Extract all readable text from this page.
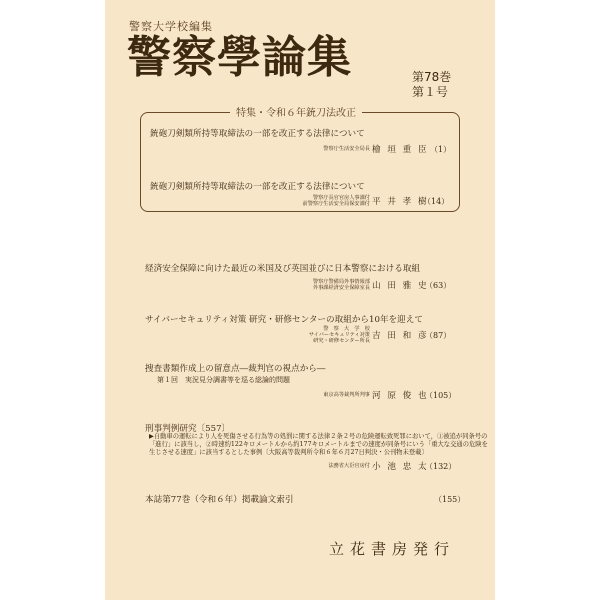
警察大学校編集
警察學論集	第78巻
第１号
特集・令和６年銃刀法改正
銃砲刀剣類所持等取締法の一部を改正する法律について
警察庁生活安全局長 檜 垣 重 臣 （1）
銃砲刀剣類所持等取締法の一部を改正する法律について
警察庁長官官房人事課付
前警察庁生活安全局保安課付 平 井 孝 樹
（14）
経済安全保障に向けた最近の米国及び英国並びに日本警察における取組
警察庁警備局外事情報部
外事課経済安全保障室長 山 田 雅 史
（63）
サイバーセキュリティ対策 研究・研修センターの取組から10年を迎えて
警　察　大　学　校
サイバーセキュリティ対策
研究・研修センター所長 吉 田 和 彦
（87）
捜査書類作成上の留意点―裁判官の視点から―
第１回　実況見分調書等を巡る総論的問題
東京高等裁判所判事 河 原 俊 也
（105）
刑事判例研究〔557〕
▶自動車の運転により人を死傷させる行為等の処罰に関する法律２条２号の危険運転致死罪において，①被追が同条号の
「進行」に該当し，②時速約122キロメートルから約177キロメートルまでの速度が同条号にいう「重大な交通の危険を
生じさせる速度」に該当するとした事例〔大阪高等裁判所令和６年６月27日判決・公刊物未登載〕
法務省大臣官房付 小 池 忠 太
（132）
本誌第77巻（令和６年）掲載論文索引	（155）
立花書房発行
